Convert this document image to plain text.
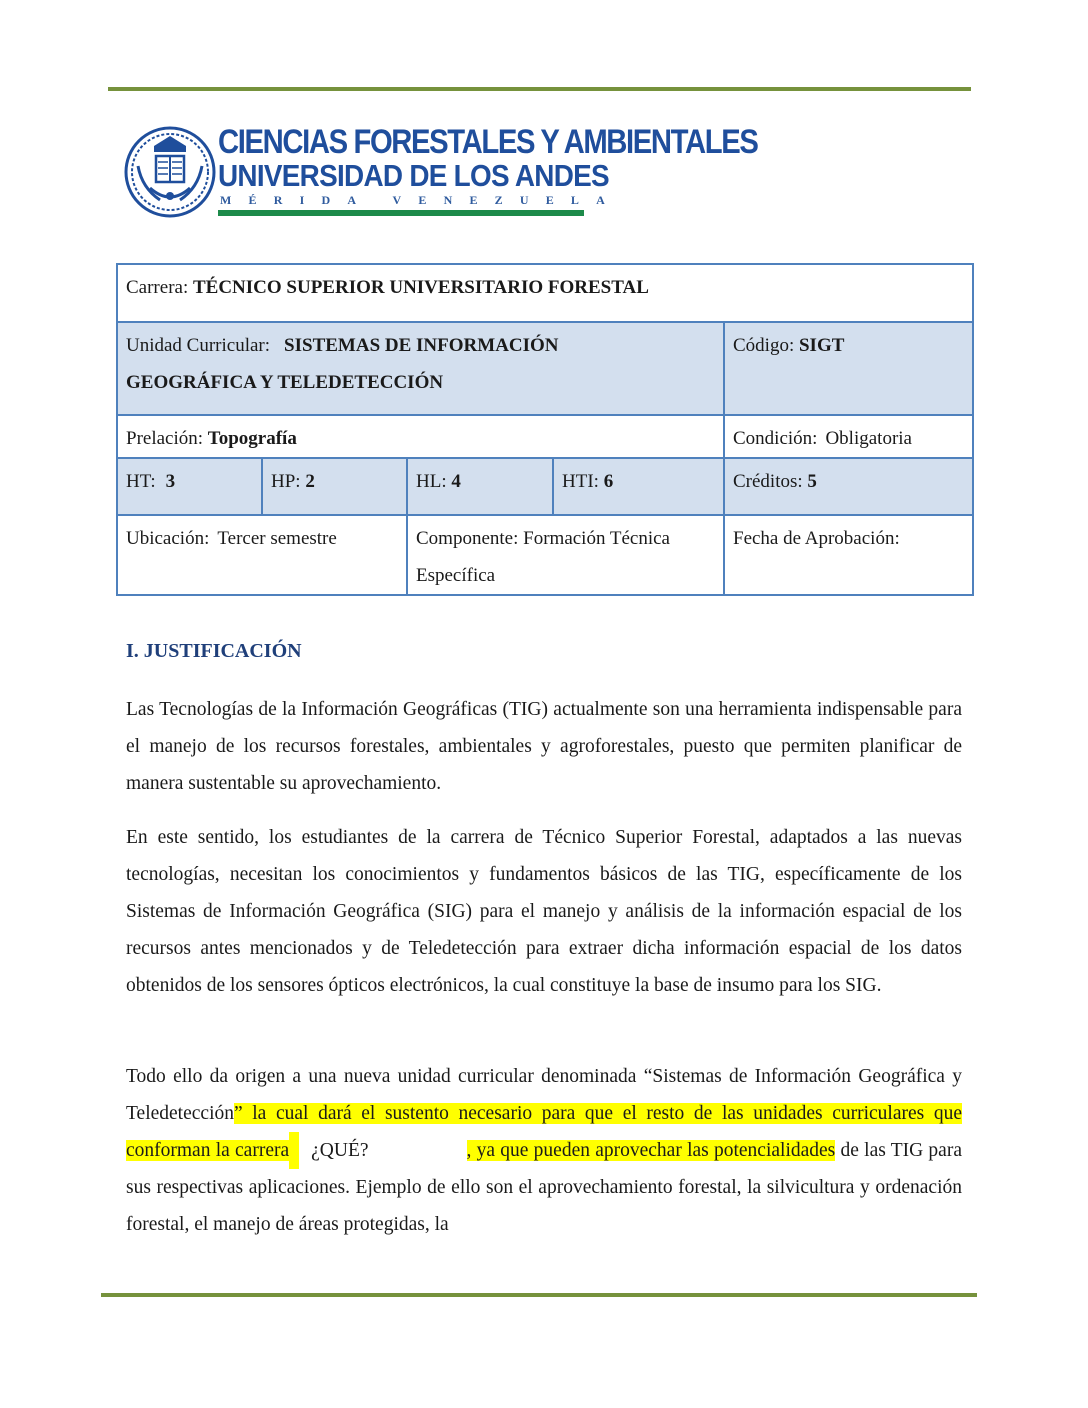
CIENCIAS FORESTALES Y AMBIENTALES
UNIVERSIDAD DE LOS ANDES
MÉRIDA VENEZUELA
Carrera: TÉCNICO SUPERIOR UNIVERSITARIO FORESTAL				
Unidad Curricular: SISTEMAS DE INFORMACIÓN
GEOGRÁFICA Y TELEDETECCIÓN				Código: SIGT
Prelación: Topografía				Condición: Obligatoria
HT: 3	HP: 2	HL: 4	HTI: 6	Créditos: 5
Ubicación: Tercer semestre		Componente: Formación Técnica
Específica		Fecha de Aprobación:
I. JUSTIFICACIÓN

Las Tecnologías de la Información Geográficas (TIG) actualmente son una herramienta indispensable para el manejo de los recursos forestales, ambientales y agroforestales, puesto que permiten planificar de manera sustentable su aprovechamiento.

En este sentido, los estudiantes de la carrera de Técnico Superior Forestal, adaptados a las nuevas tecnologías, necesitan los conocimientos y fundamentos básicos de las TIG, específicamente de los Sistemas de Información Geográfica (SIG) para el manejo y análisis de la información espacial de los recursos antes mencionados y de Teledetección para extraer dicha información espacial de los datos obtenidos de los sensores ópticos electrónicos, la cual constituye la base de insumo para los SIG.

Todo ello da origen a una nueva unidad curricular denominada “Sistemas de Información Geográfica y Teledetección” la cual dará el sustento necesario para que el resto de las unidades curriculares que conforman la carrera ¿QUÉ?	, ya que pueden aprovechar las potencialidades de las TIG para sus respectivas aplicaciones. Ejemplo de ello son el aprovechamiento forestal, la silvicultura y ordenación forestal, el manejo de áreas protegidas, la
